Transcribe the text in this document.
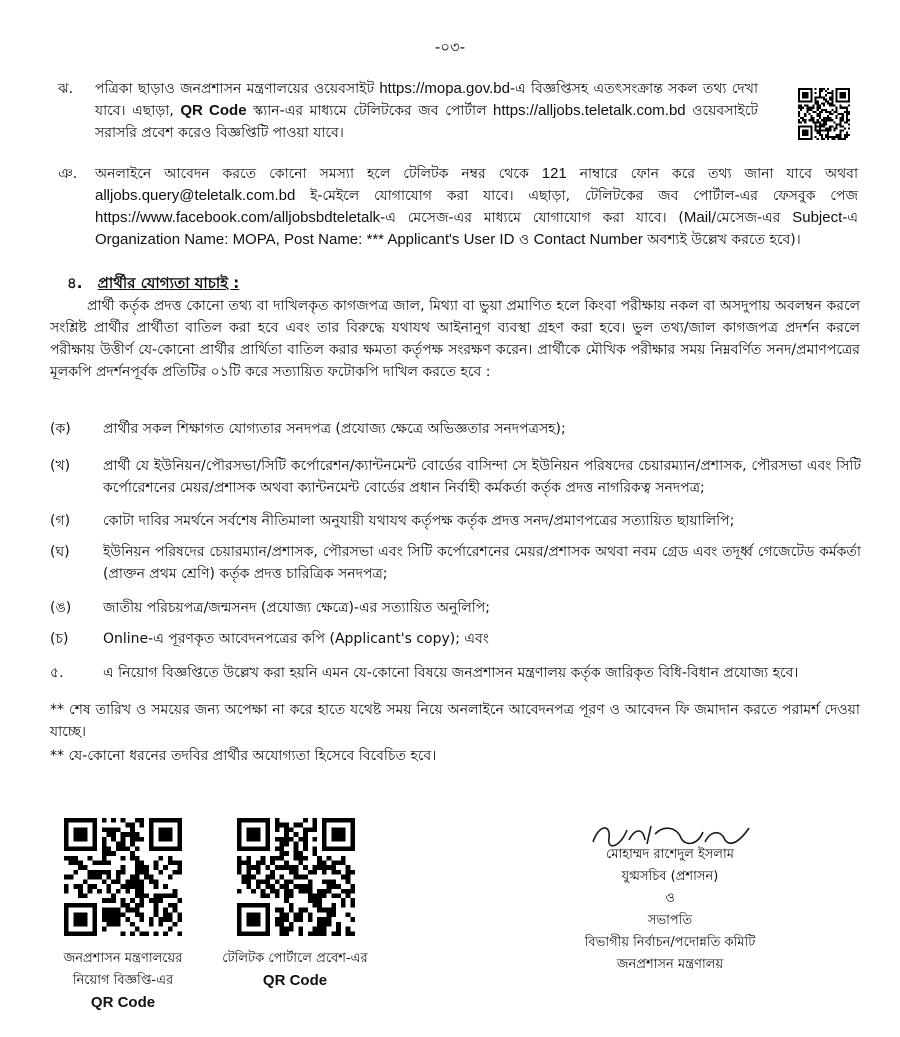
-০৩-
ঝ. পত্রিকা ছাড়াও জনপ্রশাসন মন্ত্রণালয়ের ওয়েবসাইট https://mopa.gov.bd-এ বিজ্ঞপ্তিসহ এতৎসংক্রান্ত সকল তথ্য দেখা যাবে। এছাড়া, QR Code স্ক্যান-এর মাধ্যমে টেলিটকের জব পোর্টাল https://alljobs.teletalk.com.bd ওয়েবসাইটে সরাসরি প্রবেশ করেও বিজ্ঞপ্তিটি পাওয়া যাবে।
ঞ. অনলাইনে আবেদন করতে কোনো সমস্যা হলে টেলিটক নম্বর থেকে 121 নাম্বারে ফোন করে তথ্য জানা যাবে অথবা alljobs.query@teletalk.com.bd ই-মেইলে যোগাযোগ করা যাবে। এছাড়া, টেলিটকের জব পোর্টাল-এর ফেসবুক পেজ https://www.facebook.com/alljobsbdteletalk-এ মেসেজ-এর মাধ্যমে যোগাযোগ করা যাবে। (Mail/মেসেজ-এর Subject-এ Organization Name: MOPA, Post Name: *** Applicant's User ID ও Contact Number অবশ্যই উল্লেখ করতে হবে)।
৪. প্রার্থীর যোগ্যতা যাচাই :
প্রার্থী কর্তৃক প্রদত্ত কোনো তথ্য বা দাখিলকৃত কাগজপত্র জাল, মিথ্যা বা ভুয়া প্রমাণিত হলে কিংবা পরীক্ষায় নকল বা অসদুপায় অবলম্বন করলে সংশ্লিষ্ট প্রার্থীর প্রার্থীতা বাতিল করা হবে এবং তার বিরুদ্ধে যথাযথ আইনানুগ ব্যবস্থা গ্রহণ করা হবে। ভুল তথ্য/জাল কাগজপত্র প্রদর্শন করলে পরীক্ষায় উত্তীর্ণ যে-কোনো প্রার্থীর প্রার্থিতা বাতিল করার ক্ষমতা কর্তৃপক্ষ সংরক্ষণ করেন। প্রার্থীকে মৌখিক পরীক্ষার সময় নিম্নবর্ণিত সনদ/প্রমাণপত্রের মূলকপি প্রদর্শনপূর্বক প্রতিটির ০১টি করে সত্যায়িত ফটোকপি দাখিল করতে হবে :
(ক)	প্রার্থীর সকল শিক্ষাগত যোগ্যতার সনদপত্র (প্রযোজ্য ক্ষেত্রে অভিজ্ঞতার সনদপত্রসহ);
(খ)	প্রার্থী যে ইউনিয়ন/পৌরসভা/সিটি কর্পোরেশন/ক্যান্টনমেন্ট বোর্ডের বাসিন্দা সে ইউনিয়ন পরিষদের চেয়ারম্যান/প্রশাসক, পৌরসভা এবং সিটি কর্পোরেশনের মেয়র/প্রশাসক অথবা ক্যান্টনমেন্ট বোর্ডের প্রধান নির্বাহী কর্মকর্তা কর্তৃক প্রদত্ত নাগরিকত্ব সনদপত্র;
(গ)	কোটা দাবির সমর্থনে সর্বশেষ নীতিমালা অনুযায়ী যথাযথ কর্তৃপক্ষ কর্তৃক প্রদত্ত সনদ/প্রমাণপত্রের সত্যায়িত ছায়ালিপি;
(ঘ)	ইউনিয়ন পরিষদের চেয়ারম্যান/প্রশাসক, পৌরসভা এবং সিটি কর্পোরেশনের মেয়র/প্রশাসক অথবা নবম গ্রেড এবং তদূর্ধ্ব গেজেটেড কর্মকর্তা (প্রাক্তন প্রথম শ্রেণি) কর্তৃক প্রদত্ত চারিত্রিক সনদপত্র;
(ঙ)	জাতীয় পরিচয়পত্র/জন্মসনদ (প্রযোজ্য ক্ষেত্রে)-এর সত্যায়িত অনুলিপি;
(চ)	Online-এ পূরণকৃত আবেদনপত্রের কপি (Applicant's copy); এবং
৫.	এ নিয়োগ বিজ্ঞপ্তিতে উল্লেখ করা হয়নি এমন যে-কোনো বিষয়ে জনপ্রশাসন মন্ত্রণালয় কর্তৃক জারিকৃত বিধি-বিধান প্রযোজ্য হবে।
** শেষ তারিখ ও সময়ের জন্য অপেক্ষা না করে হাতে যথেষ্ট সময় নিয়ে অনলাইনে আবেদনপত্র পূরণ ও আবেদন ফি জমাদান করতে পরামর্শ দেওয়া যাচ্ছে।
** যে-কোনো ধরনের তদবির প্রার্থীর অযোগ্যতা হিসেবে বিবেচিত হবে।
জনপ্রশাসন মন্ত্রণালয়ের
নিয়োগ বিজ্ঞপ্তি-এর
QR Code
টেলিটক পোর্টালে প্রবেশ-এর
QR Code
মোহাম্মদ রাশেদুল ইসলাম
যুগ্মসচিব (প্রশাসন)
ও
সভাপতি
বিভাগীয় নির্বাচন/পদোন্নতি কমিটি
জনপ্রশাসন মন্ত্রণালয়
